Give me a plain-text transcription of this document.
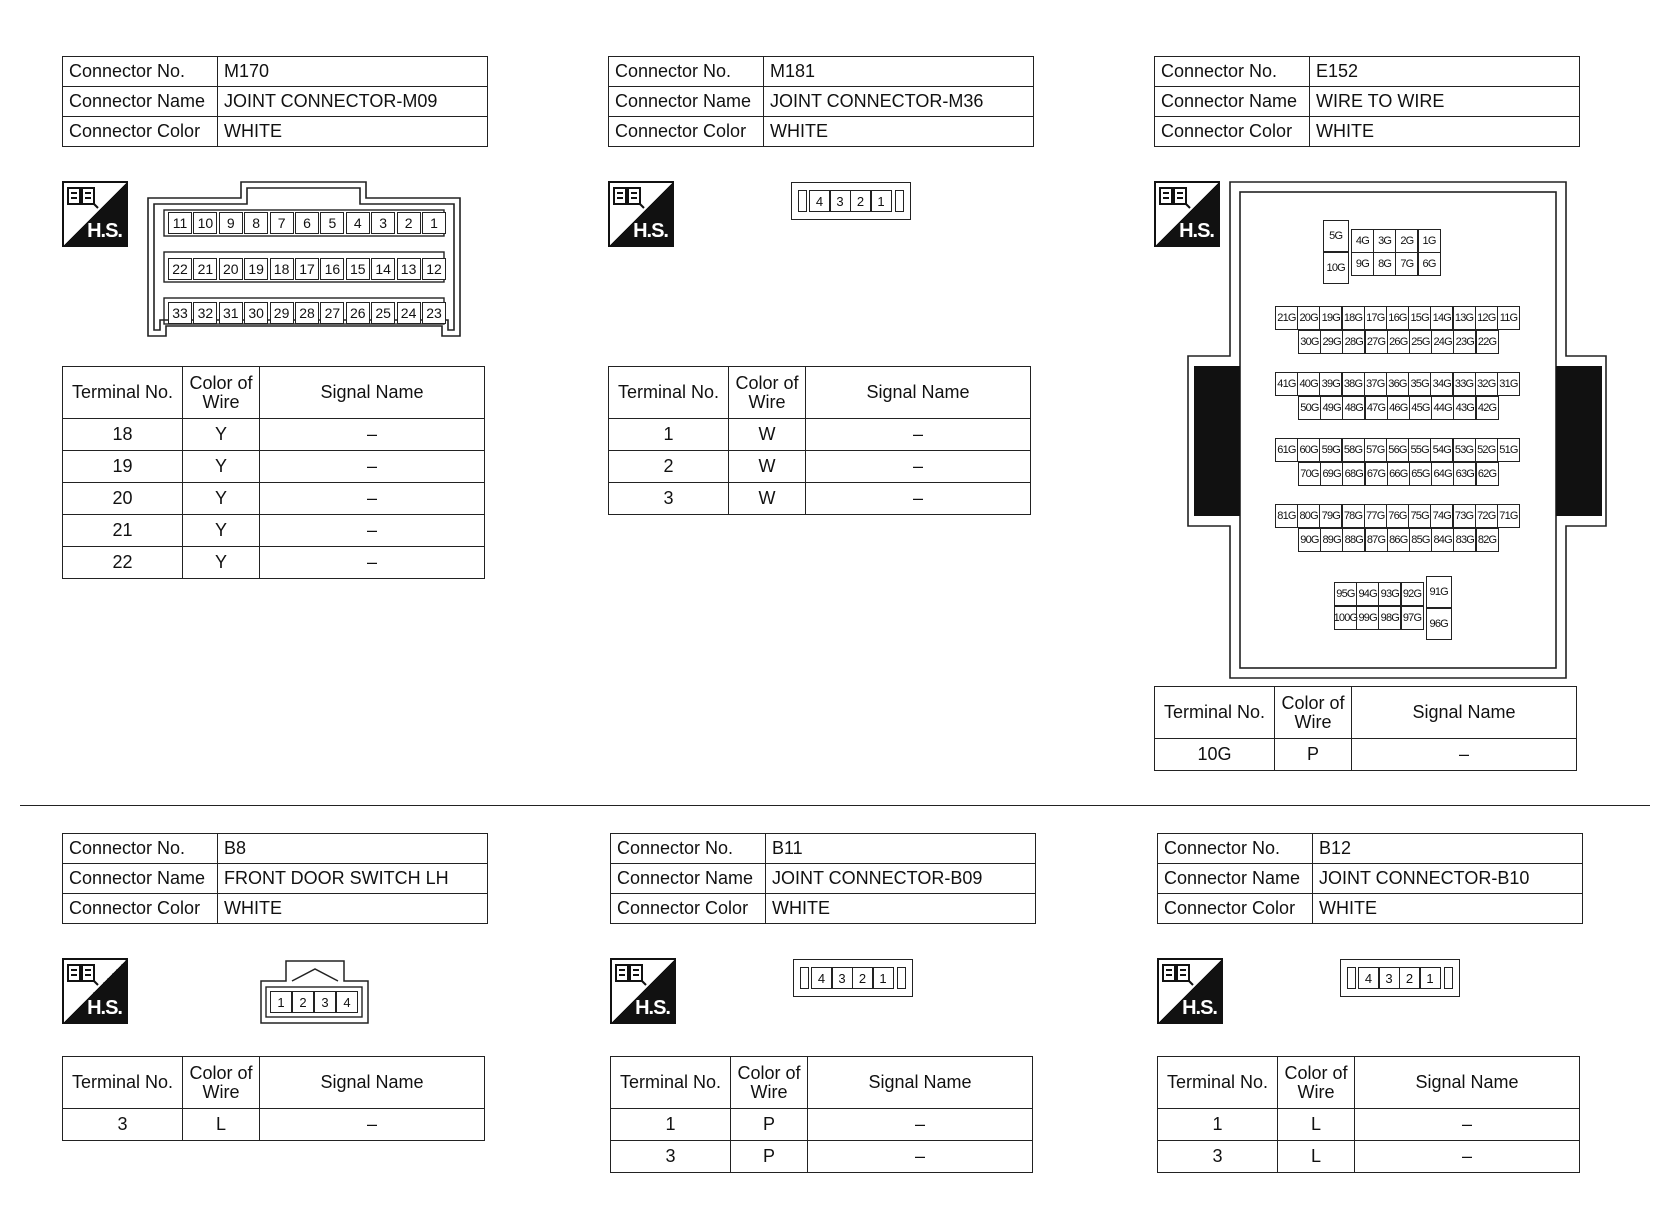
Connector No.	M170
Connector Name	JOINT CONNECTOR-M09
Connector Color	WHITE
H.S.	11 10 9	8	7	6	5	4	3	2	1
22 21 20 19 18 17 16 15 14 13 12
33 32 31 30 29 28 27 26 25 24 23
Terminal No.	Color of Wire	Signal Name
18	Y	–
19	Y	–
20	Y	–
21	Y	–
22	Y	–
Connector No.	M181
Connector Name	JOINT CONNECTOR-M36
Connector Color	WHITE
H.S.
4	3	2	1
Terminal No.	Color of Wire	Signal Name
1	W	–
2	W	–
3	W	–
Connector No.	E152
Connector Name	WIRE TO WIRE
Connector Color	WHITE
H.S.	5G
10G
4G 3G 2G 1G
9G 8G 7G 6G
21G 20G 19G 18G 17G 16G 15G 14G 13G 12G 11G
30G 29G 28G 27G 26G 25G 24G 23G 22G
41G 40G 39G 38G 37G 36G 35G 34G 33G 32G 31G
50G 49G 48G 47G 46G 45G 44G 43G 42G
61G 60G 59G 58G 57G 56G 55G 54G 53G 52G 51G
70G 69G 68G 67G 66G 65G 64G 63G 62G
81G 80G 79G 78G 77G 76G 75G 74G 73G 72G 71G
90G 89G 88G 87G 86G 85G 84G 83G 82G
95G 94G 93G 92G
100G 99G 98G 97G
91G
96G
Terminal No.	Color of Wire	Signal Name
10G	P	–
Connector No.	B8
Connector Name	FRONT DOOR SWITCH LH
Connector Color	WHITE
H.S.	1	2	3	4
Terminal No.	Color of Wire	Signal Name
3	L	–
Connector No.	B11
Connector Name	JOINT CONNECTOR-B09
Connector Color	WHITE
H.S.
4	3	2	1
Terminal No.	Color of Wire	Signal Name
1	P	–
3	P	–
Connector No.	B12
Connector Name	JOINT CONNECTOR-B10
Connector Color	WHITE
H.S.
4	3	2	1
Terminal No.	Color of Wire	Signal Name
1	L	–
3	L	–
